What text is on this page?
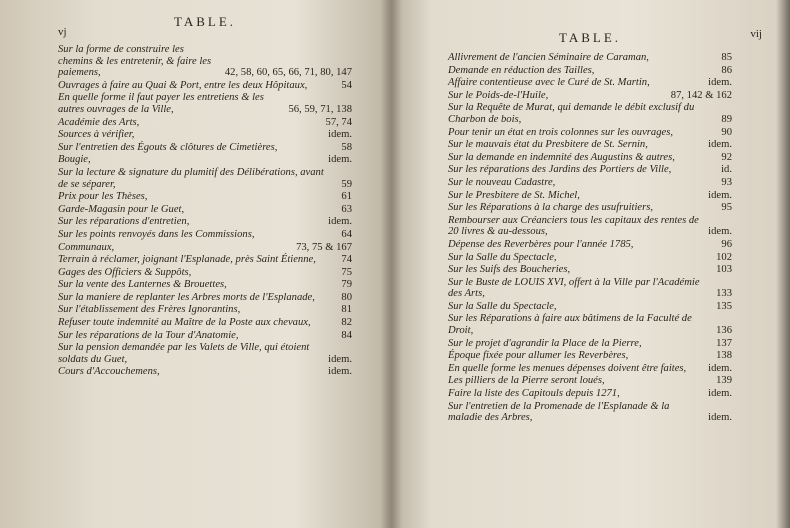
vj
TABLE.
Sur la forme de construire les chemins & les entretenir, & faire les paiemens,	42, 58, 60, 65, 66, 71, 80, 147
Ouvrages à faire au Quai & Port, entre les deux Hôpitaux,	54
En quelle forme il faut payer les entretiens & les autres ouvrages de la Ville,	56, 59, 71, 138
Académie des Arts,	57, 74
Sources à vérifier,	idem.
Sur l'entretien des Égouts & clôtures de Cimetières,	58
Bougie,	idem.
Sur la lecture & signature du plumitif des Délibérations, avant de se séparer,	59
Prix pour les Thèses,	61
Garde-Magasin pour le Guet,	63
Sur les réparations d'entretien,	idem.
Sur les points renvoyés dans les Commissions,	64
Communaux,	73, 75 & 167
Terrain à réclamer, joignant l'Esplanade, près Saint Étienne,	74
Gages des Officiers & Suppôts,	75
Sur la vente des Lanternes & Brouettes,	79
Sur la maniere de replanter les Arbres morts de l'Esplanade,	80
Sur l'établissement des Frères Ignorantins,	81
Refuser toute indemnité au Maître de la Poste aux chevaux,	82
Sur les réparations de la Tour d'Anatomie,	84
Sur la pension demandée par les Valets de Ville, qui étoient soldats du Guet,	idem.
Cours d'Accouchemens,	idem.
TABLE.	vij
Allivrement de l'ancien Séminaire de Caraman,	85
Demande en réduction des Tailles,	86
Affaire contentieuse avec le Curé de St. Martin,	idem.
Sur le Poids-de-l'Huile,	87, 142 & 162
Sur la Requête de Murat, qui demande le débit exclusif du Charbon de bois,	89
Pour tenir un état en trois colonnes sur les ouvrages,	90
Sur le mauvais état du Presbitere de St. Sernin,	idem.
Sur la demande en indemnité des Augustins & autres,	92
Sur les réparations des Jardins des Portiers de Ville,	id.
Sur le nouveau Cadastre,	93
Sur le Presbitere de St. Michel,	idem.
Sur les Réparations à la charge des usufruitiers,	95
Rembourser aux Créanciers tous les capitaux des rentes de 20 livres & au-dessous,	idem.
Dépense des Reverbères pour l'année 1785,	96
Sur la Salle du Spectacle,	102
Sur les Suifs des Boucheries,	103
Sur le Buste de LOUIS XVI, offert à la Ville par l'Académie des Arts,	133
Sur la Salle du Spectacle,	135
Sur les Réparations à faire aux bâtimens de la Faculté de Droit,	136
Sur le projet d'agrandir la Place de la Pierre,	137
Époque fixée pour allumer les Reverbères,	138
En quelle forme les menues dépenses doivent être faites,	idem.
Les pilliers de la Pierre seront loués,	139
Faire la liste des Capitouls depuis 1271,	idem.
Sur l'entretien de la Promenade de l'Esplanade & la maladie des Arbres,	idem.
